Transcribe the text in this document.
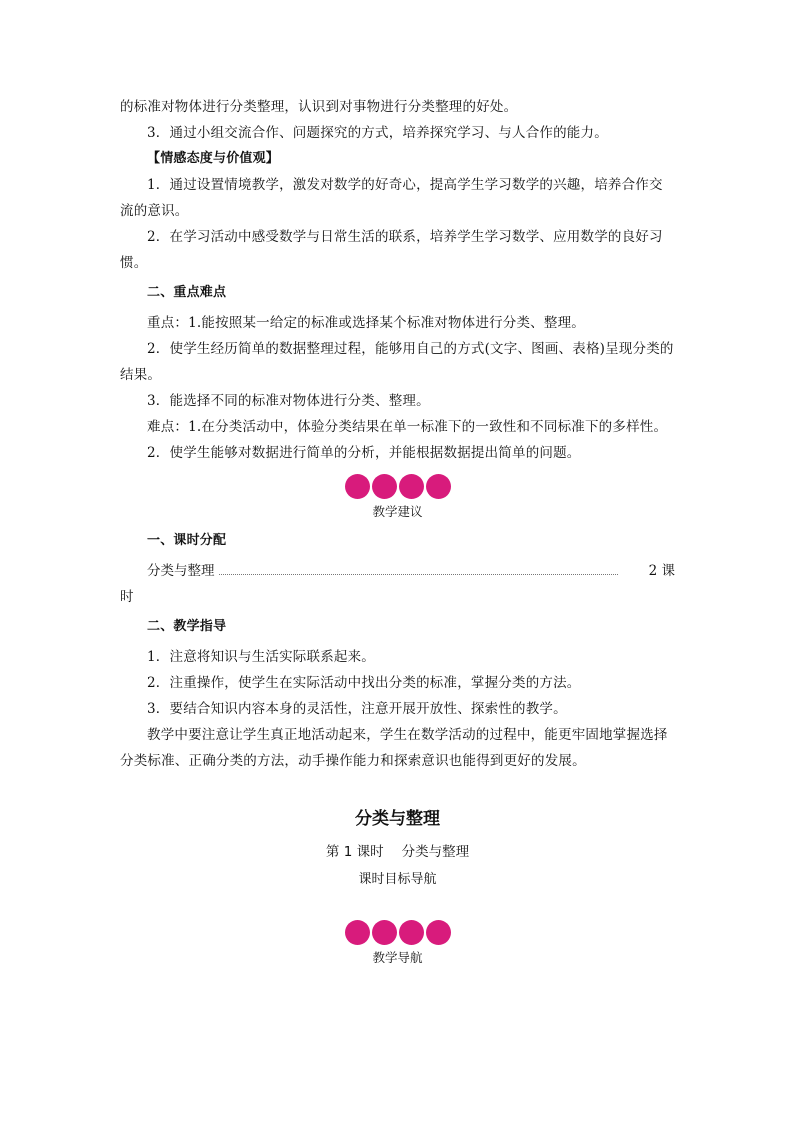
的标准对物体进行分类整理，认识到对事物进行分类整理的好处。

3．通过小组交流合作、问题探究的方式，培养探究学习、与人合作的能力。

【情感态度与价值观】

1．通过设置情境教学，激发对数学的好奇心，提高学生学习数学的兴趣，培养合作交流的意识。

2．在学习活动中感受数学与日常生活的联系，培养学生学习数学、应用数学的良好习惯。

二、重点难点

重点：1.能按照某一给定的标准或选择某个标准对物体进行分类、整理。

2．使学生经历简单的数据整理过程，能够用自己的方式(文字、图画、表格)呈现分类的结果。

3．能选择不同的标准对物体进行分类、整理。

难点：1.在分类活动中，体验分类结果在单一标准下的一致性和不同标准下的多样性。

2．使学生能够对数据进行简单的分析，并能根据数据提出简单的问题。

教学建议

一、课时分配

分类与整理	2 课

时

二、教学指导

1．注意将知识与生活实际联系起来。

2．注重操作，使学生在实际活动中找出分类的标准，掌握分类的方法。

3．要结合知识内容本身的灵活性，注意开展开放性、探索性的教学。

教学中要注意让学生真正地活动起来，学生在数学活动的过程中，能更牢固地掌握选择分类标准、正确分类的方法，动手操作能力和探索意识也能得到更好的发展。

分类与整理
第 1 课时 分类与整理
课时目标导航
教学导航
